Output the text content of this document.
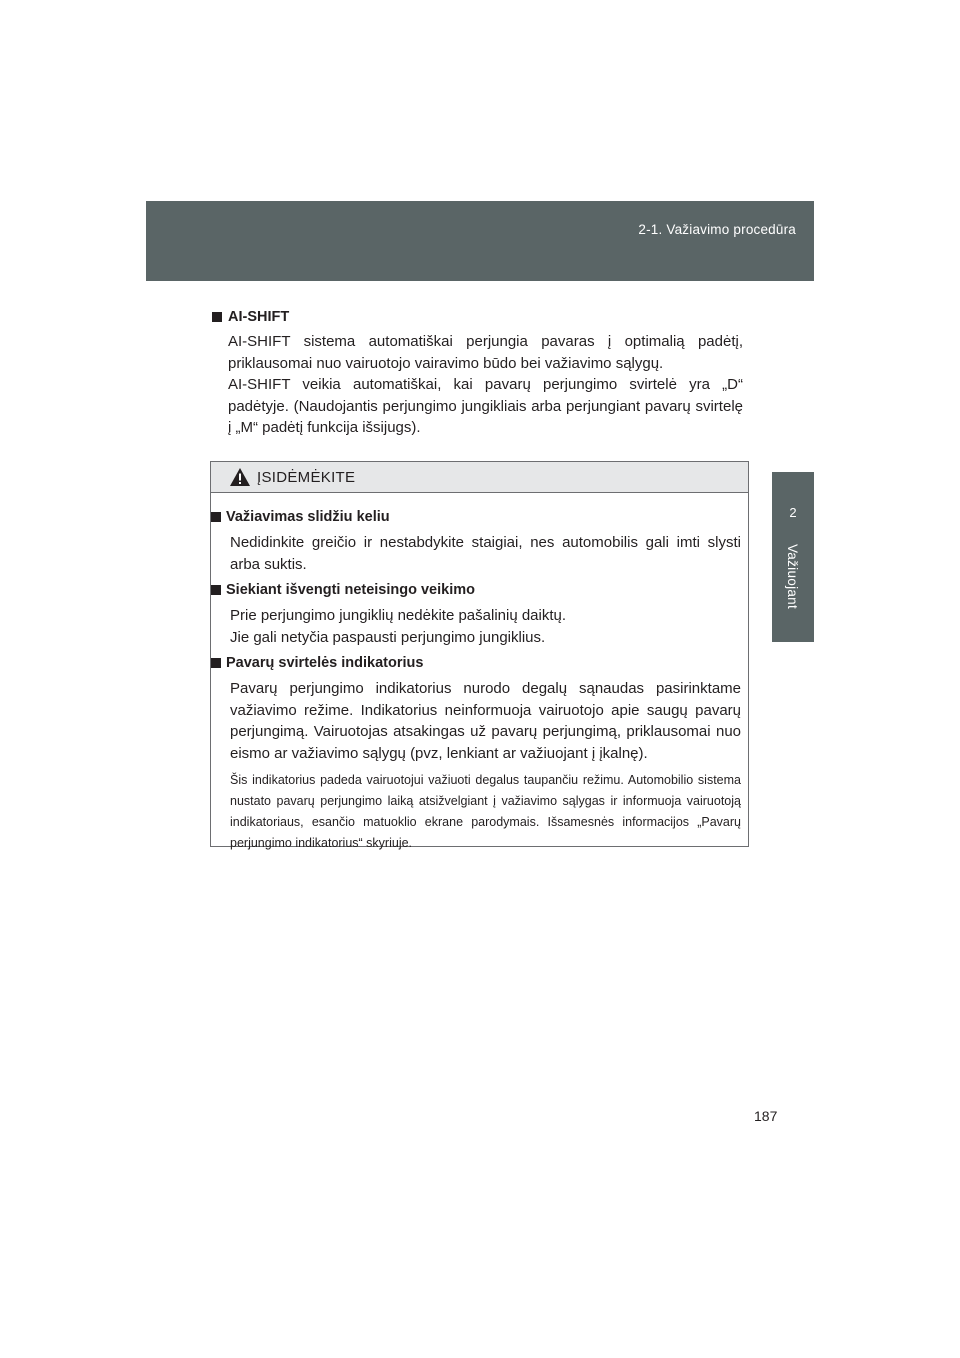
2-1. Važiavimo procedūra
2
Važiuojant
AI-SHIFT
AI-SHIFT sistema automatiškai perjungia pavaras į optimalią padėtį, priklausomai nuo vairuotojo vairavimo būdo bei važiavimo sąlygų.
AI-SHIFT veikia automatiškai, kai pavarų perjungimo svirtelė yra „D“ padėtyje. (Naudojantis perjungimo jungikliais arba perjungiant pavarų svirtelę į „M“ padėtį funkcija išsijugs).
ĮSIDĖMĖKITE
Važiavimas slidžiu keliu
Nedidinkite greičio ir nestabdykite staigiai, nes automobilis gali imti slysti arba suktis.
Siekiant išvengti neteisingo veikimo
Prie perjungimo jungiklių nedėkite pašalinių daiktų.
Jie gali netyčia paspausti perjungimo jungiklius.
Pavarų svirtelės indikatorius
Pavarų perjungimo indikatorius nurodo degalų sąnaudas pasirinktame važiavimo režime. Indikatorius neinformuoja vairuotojo apie saugų pavarų perjungimą. Vairuotojas atsakingas už pavarų perjungimą, priklausomai nuo eismo ar važiavimo sąlygų (pvz, lenkiant ar važiuojant į įkalnę).
Šis indikatorius padeda vairuotojui važiuoti degalus taupančiu režimu. Automobilio sistema nustato pavarų perjungimo laiką atsižvelgiant į važiavimo sąlygas ir informuoja vairuotoją indikatoriaus, esančio matuoklio ekrane parodymais. Išsamesnės informacijos „Pavarų perjungimo indikatorius“ skyriuje.
187
